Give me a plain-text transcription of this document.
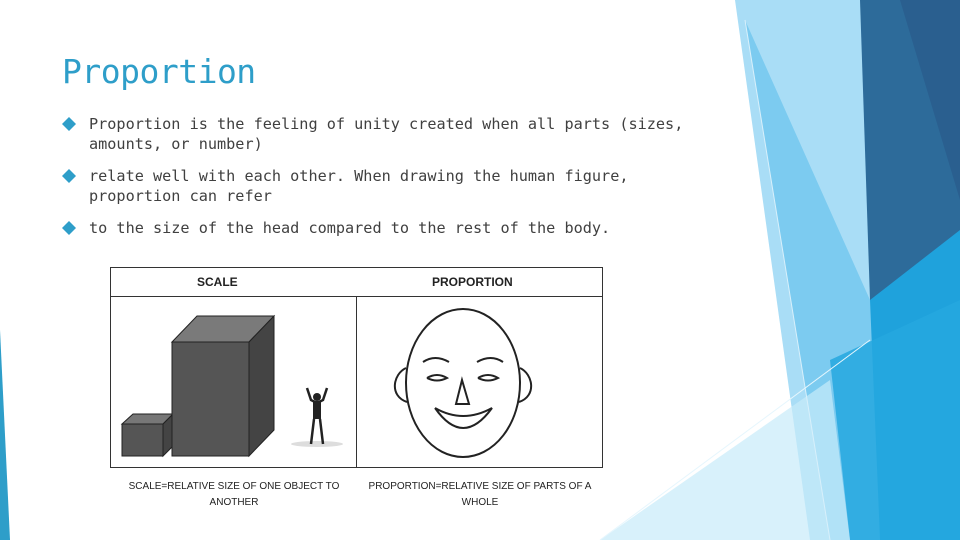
Proportion
Proportion is the feeling of unity created when all parts (sizes, amounts, or number)
relate well with each other. When drawing the human figure, proportion can refer
to the size of the head compared to the rest of the body.
SCALE	PROPORTION
SCALE=RELATIVE SIZE OF ONE OBJECT TO
ANOTHER
PROPORTION=RELATIVE SIZE OF PARTS OF A
WHOLE
